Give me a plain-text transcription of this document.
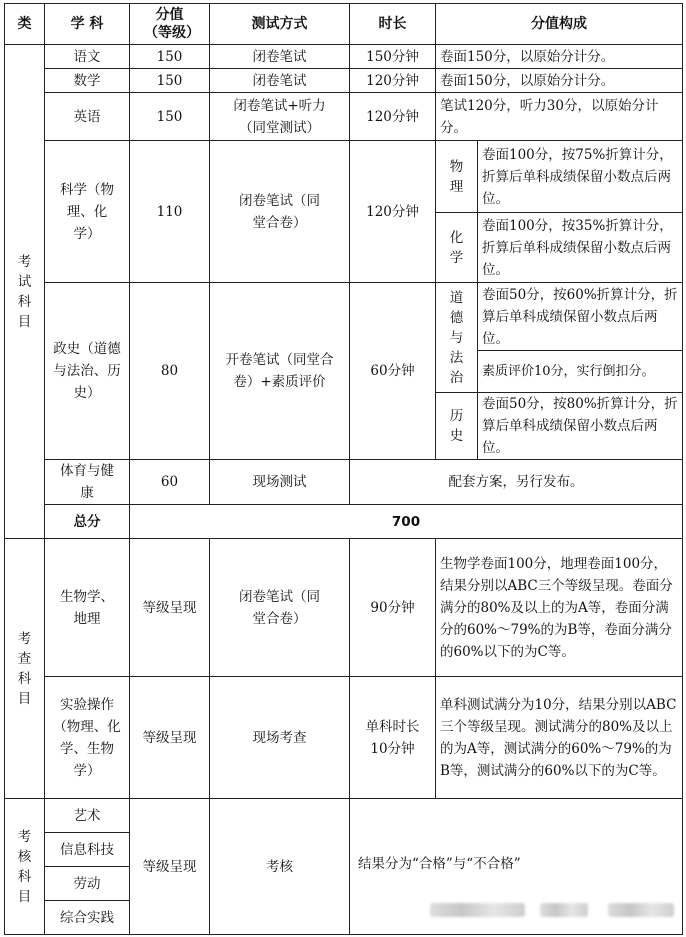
类	学 科	分值（等级）	测试方式	时长	分值构成	

考试科目	语文	150	闭卷笔试	150分钟	卷面150分，以原始分计分。	
	数学	150	闭卷笔试	120分钟	卷面150分，以原始分计分。	
	英语	150	闭卷笔试+听力（同堂测试）	120分钟	笔试120分，听力30分，以原始分计分。	
	科学（物理、化学）	110	闭卷笔试（同堂合卷）	120分钟	物理	卷面100分，按75%折算计分，折算后单科成绩保留小数点后两位。

					化学	卷面100分，按35%折算计分，折算后单科成绩保留小数点后两位。
	政史（道德与法治、历史）	80	开卷笔试（同堂合卷）+素质评价	60分钟	道德与法治	卷面50分，按60%折算计分，折算后单科成绩保留小数点后两位。
						素质评价10分，实行倒扣分。

					历史	卷面50分，按80%折算计分，折算后单科成绩保留小数点后两位。
	体育与健康	60	现场测试	配套方案，另行发布。		
	总分	700				

考查科目	生物学、地理	等级呈现	闭卷笔试（同堂合卷）	90分钟	生物学卷面100分，地理卷面100分，结果分别以ABC三个等级呈现。卷面分满分的80%及以上的为A等，卷面分满分的60%～79%的为B等，卷面分满分的60%以下的为C等。	
	实验操作（物理、化学、生物学）	等级呈现	现场考查	单科时长10分钟	单科测试满分为10分，结果分别以ABC三个等级呈现。测试满分的80%及以上的为A等，测试满分的60%～79%的为B等，测试满分的60%以下的为C等。	

考核科目	艺术	等级呈现	考核	结果分为“合格”与“不合格”		
	信息科技					
	劳动					
	综合实践					
